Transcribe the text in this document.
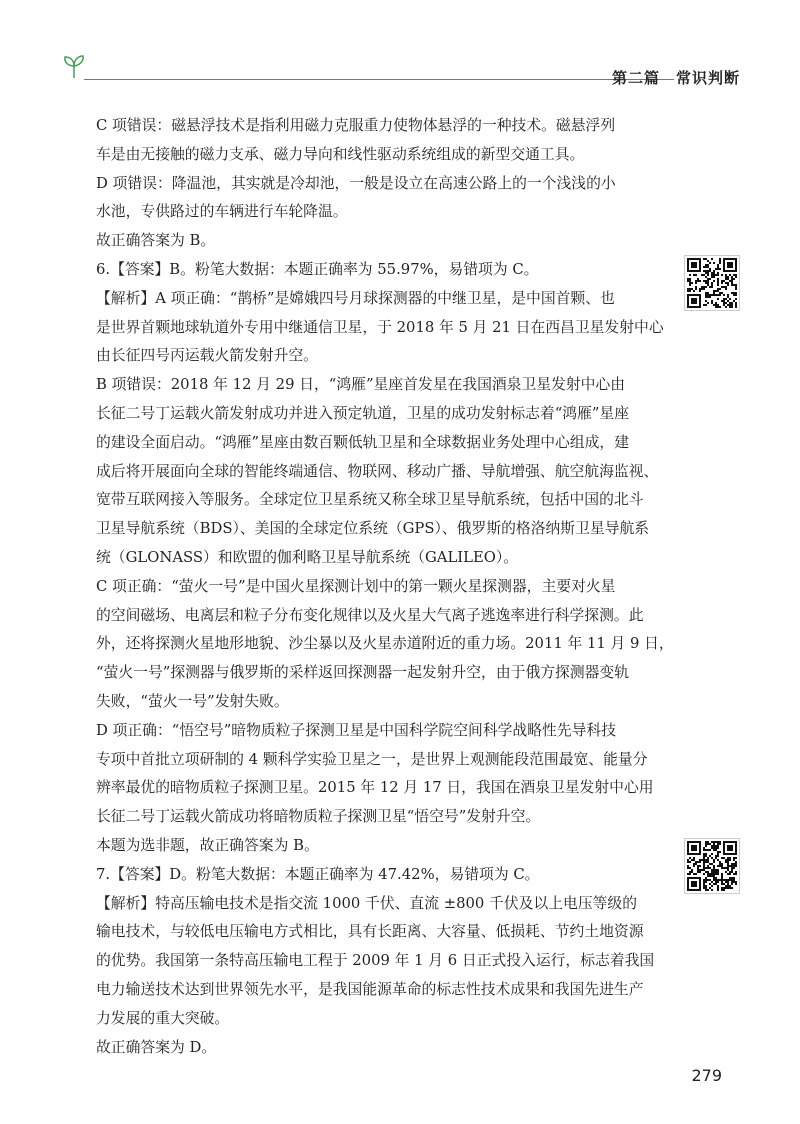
第二篇　常识判断
C 项错误：磁悬浮技术是指利用磁力克服重力使物体悬浮的一种技术。磁悬浮列
车是由无接触的磁力支承、磁力导向和线性驱动系统组成的新型交通工具。
D 项错误：降温池，其实就是冷却池，一般是设立在高速公路上的一个浅浅的小
水池，专供路过的车辆进行车轮降温。
故正确答案为 B。
6.【答案】B。粉笔大数据：本题正确率为 55.97%，易错项为 C。
【解析】A 项正确：“鹊桥”是嫦娥四号月球探测器的中继卫星，是中国首颗、也
是世界首颗地球轨道外专用中继通信卫星，于 2018 年 5 月 21 日在西昌卫星发射中心
由长征四号丙运载火箭发射升空。
B 项错误：2018 年 12 月 29 日，“鸿雁”星座首发星在我国酒泉卫星发射中心由
长征二号丁运载火箭发射成功并进入预定轨道，卫星的成功发射标志着“鸿雁”星座
的建设全面启动。“鸿雁”星座由数百颗低轨卫星和全球数据业务处理中心组成，建
成后将开展面向全球的智能终端通信、物联网、移动广播、导航增强、航空航海监视、
宽带互联网接入等服务。全球定位卫星系统又称全球卫星导航系统，包括中国的北斗
卫星导航系统（BDS）、美国的全球定位系统（GPS）、俄罗斯的格洛纳斯卫星导航系
统（GLONASS）和欧盟的伽利略卫星导航系统（GALILEO）。
C 项正确：“萤火一号”是中国火星探测计划中的第一颗火星探测器，主要对火星
的空间磁场、电离层和粒子分布变化规律以及火星大气离子逃逸率进行科学探测。此
外，还将探测火星地形地貌、沙尘暴以及火星赤道附近的重力场。2011 年 11 月 9 日，
“萤火一号”探测器与俄罗斯的采样返回探测器一起发射升空，由于俄方探测器变轨
失败，“萤火一号”发射失败。
D 项正确：“悟空号”暗物质粒子探测卫星是中国科学院空间科学战略性先导科技
专项中首批立项研制的 4 颗科学实验卫星之一，是世界上观测能段范围最宽、能量分
辨率最优的暗物质粒子探测卫星。2015 年 12 月 17 日，我国在酒泉卫星发射中心用
长征二号丁运载火箭成功将暗物质粒子探测卫星“悟空号”发射升空。
本题为选非题，故正确答案为 B。
7.【答案】D。粉笔大数据：本题正确率为 47.42%，易错项为 C。
【解析】特高压输电技术是指交流 1000 千伏、直流 ±800 千伏及以上电压等级的
输电技术，与较低电压输电方式相比，具有长距离、大容量、低损耗、节约土地资源
的优势。我国第一条特高压输电工程于 2009 年 1 月 6 日正式投入运行，标志着我国
电力输送技术达到世界领先水平，是我国能源革命的标志性技术成果和我国先进生产
力发展的重大突破。
故正确答案为 D。
279
